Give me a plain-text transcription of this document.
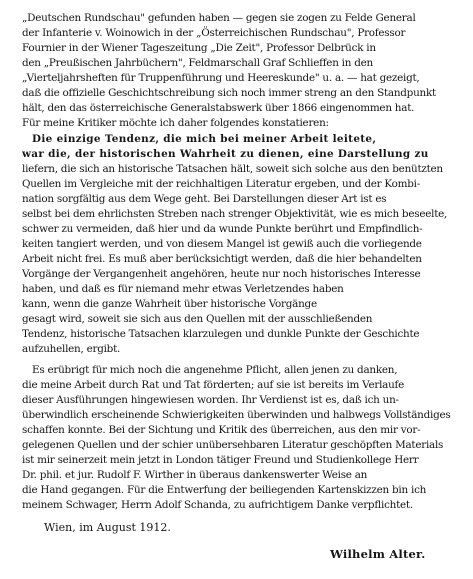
„Deutschen Rundschau" gefunden haben — gegen sie zogen zu Felde General
der Infanterie v. Woinowich in der „Österreichischen Rundschau", Professor
Fournier in der Wiener Tageszeitung „Die Zeit", Professor Delbrück in
den „Preußischen Jahrbüchern", Feldmarschall Graf Schlieffen in den
„Vierteljahrsheften für Truppenführung und Heereskunde" u. a. — hat gezeigt,
daß die offizielle Geschichtschreibung sich noch immer streng an den Standpunkt
hält, den das österreichische Generalstabswerk über 1866 eingenommen hat.
Für meine Kritiker möchte ich daher folgendes konstatieren:
Die einzige Tendenz, die mich bei meiner Arbeit leitete,
war die, der historischen Wahrheit zu dienen, eine Darstellung zu
liefern, die sich an historische Tatsachen hält, soweit sich solche aus den benützten
Quellen im Vergleiche mit der reichhaltigen Literatur ergeben, und der Kombi-
nation sorgfältig aus dem Wege geht. Bei Darstellungen dieser Art ist es
selbst bei dem ehrlichsten Streben nach strenger Objektivität, wie es mich beseelte,
schwer zu vermeiden, daß hier und da wunde Punkte berührt und Empfindlich-
keiten tangiert werden, und von diesem Mangel ist gewiß auch die vorliegende
Arbeit nicht frei. Es muß aber berücksichtigt werden, daß die hier behandelten
Vorgänge der Vergangenheit angehören, heute nur noch historisches Interesse
haben, und daß es für niemand mehr etwas Verletzendes haben
kann, wenn die ganze Wahrheit über historische Vorgänge
gesagt wird, soweit sie sich aus den Quellen mit der ausschließenden
Tendenz, historische Tatsachen klarzulegen und dunkle Punkte der Geschichte
aufzuhellen, ergibt.
Es erübrigt für mich noch die angenehme Pflicht, allen jenen zu danken,
die meine Arbeit durch Rat und Tat förderten; auf sie ist bereits im Verlaufe
dieser Ausführungen hingewiesen worden. Ihr Verdienst ist es, daß ich un-
überwindlich erscheinende Schwierigkeiten überwinden und halbwegs Vollständiges
schaffen konnte. Bei der Sichtung und Kritik des überreichen, aus den mir vor-
gelegenen Quellen und der schier unübersehbaren Literatur geschöpften Materials
ist mir seinerzeit mein jetzt in London tätiger Freund und Studienkollege Herr
Dr. phil. et jur. Rudolf F. Wirther in überaus dankenswerter Weise an
die Hand gegangen. Für die Entwerfung der beiliegenden Kartenskizzen bin ich
meinem Schwager, Herrn Adolf Schanda, zu aufrichtigem Danke verpflichtet.
Wien, im August 1912.
Wilhelm Alter.
